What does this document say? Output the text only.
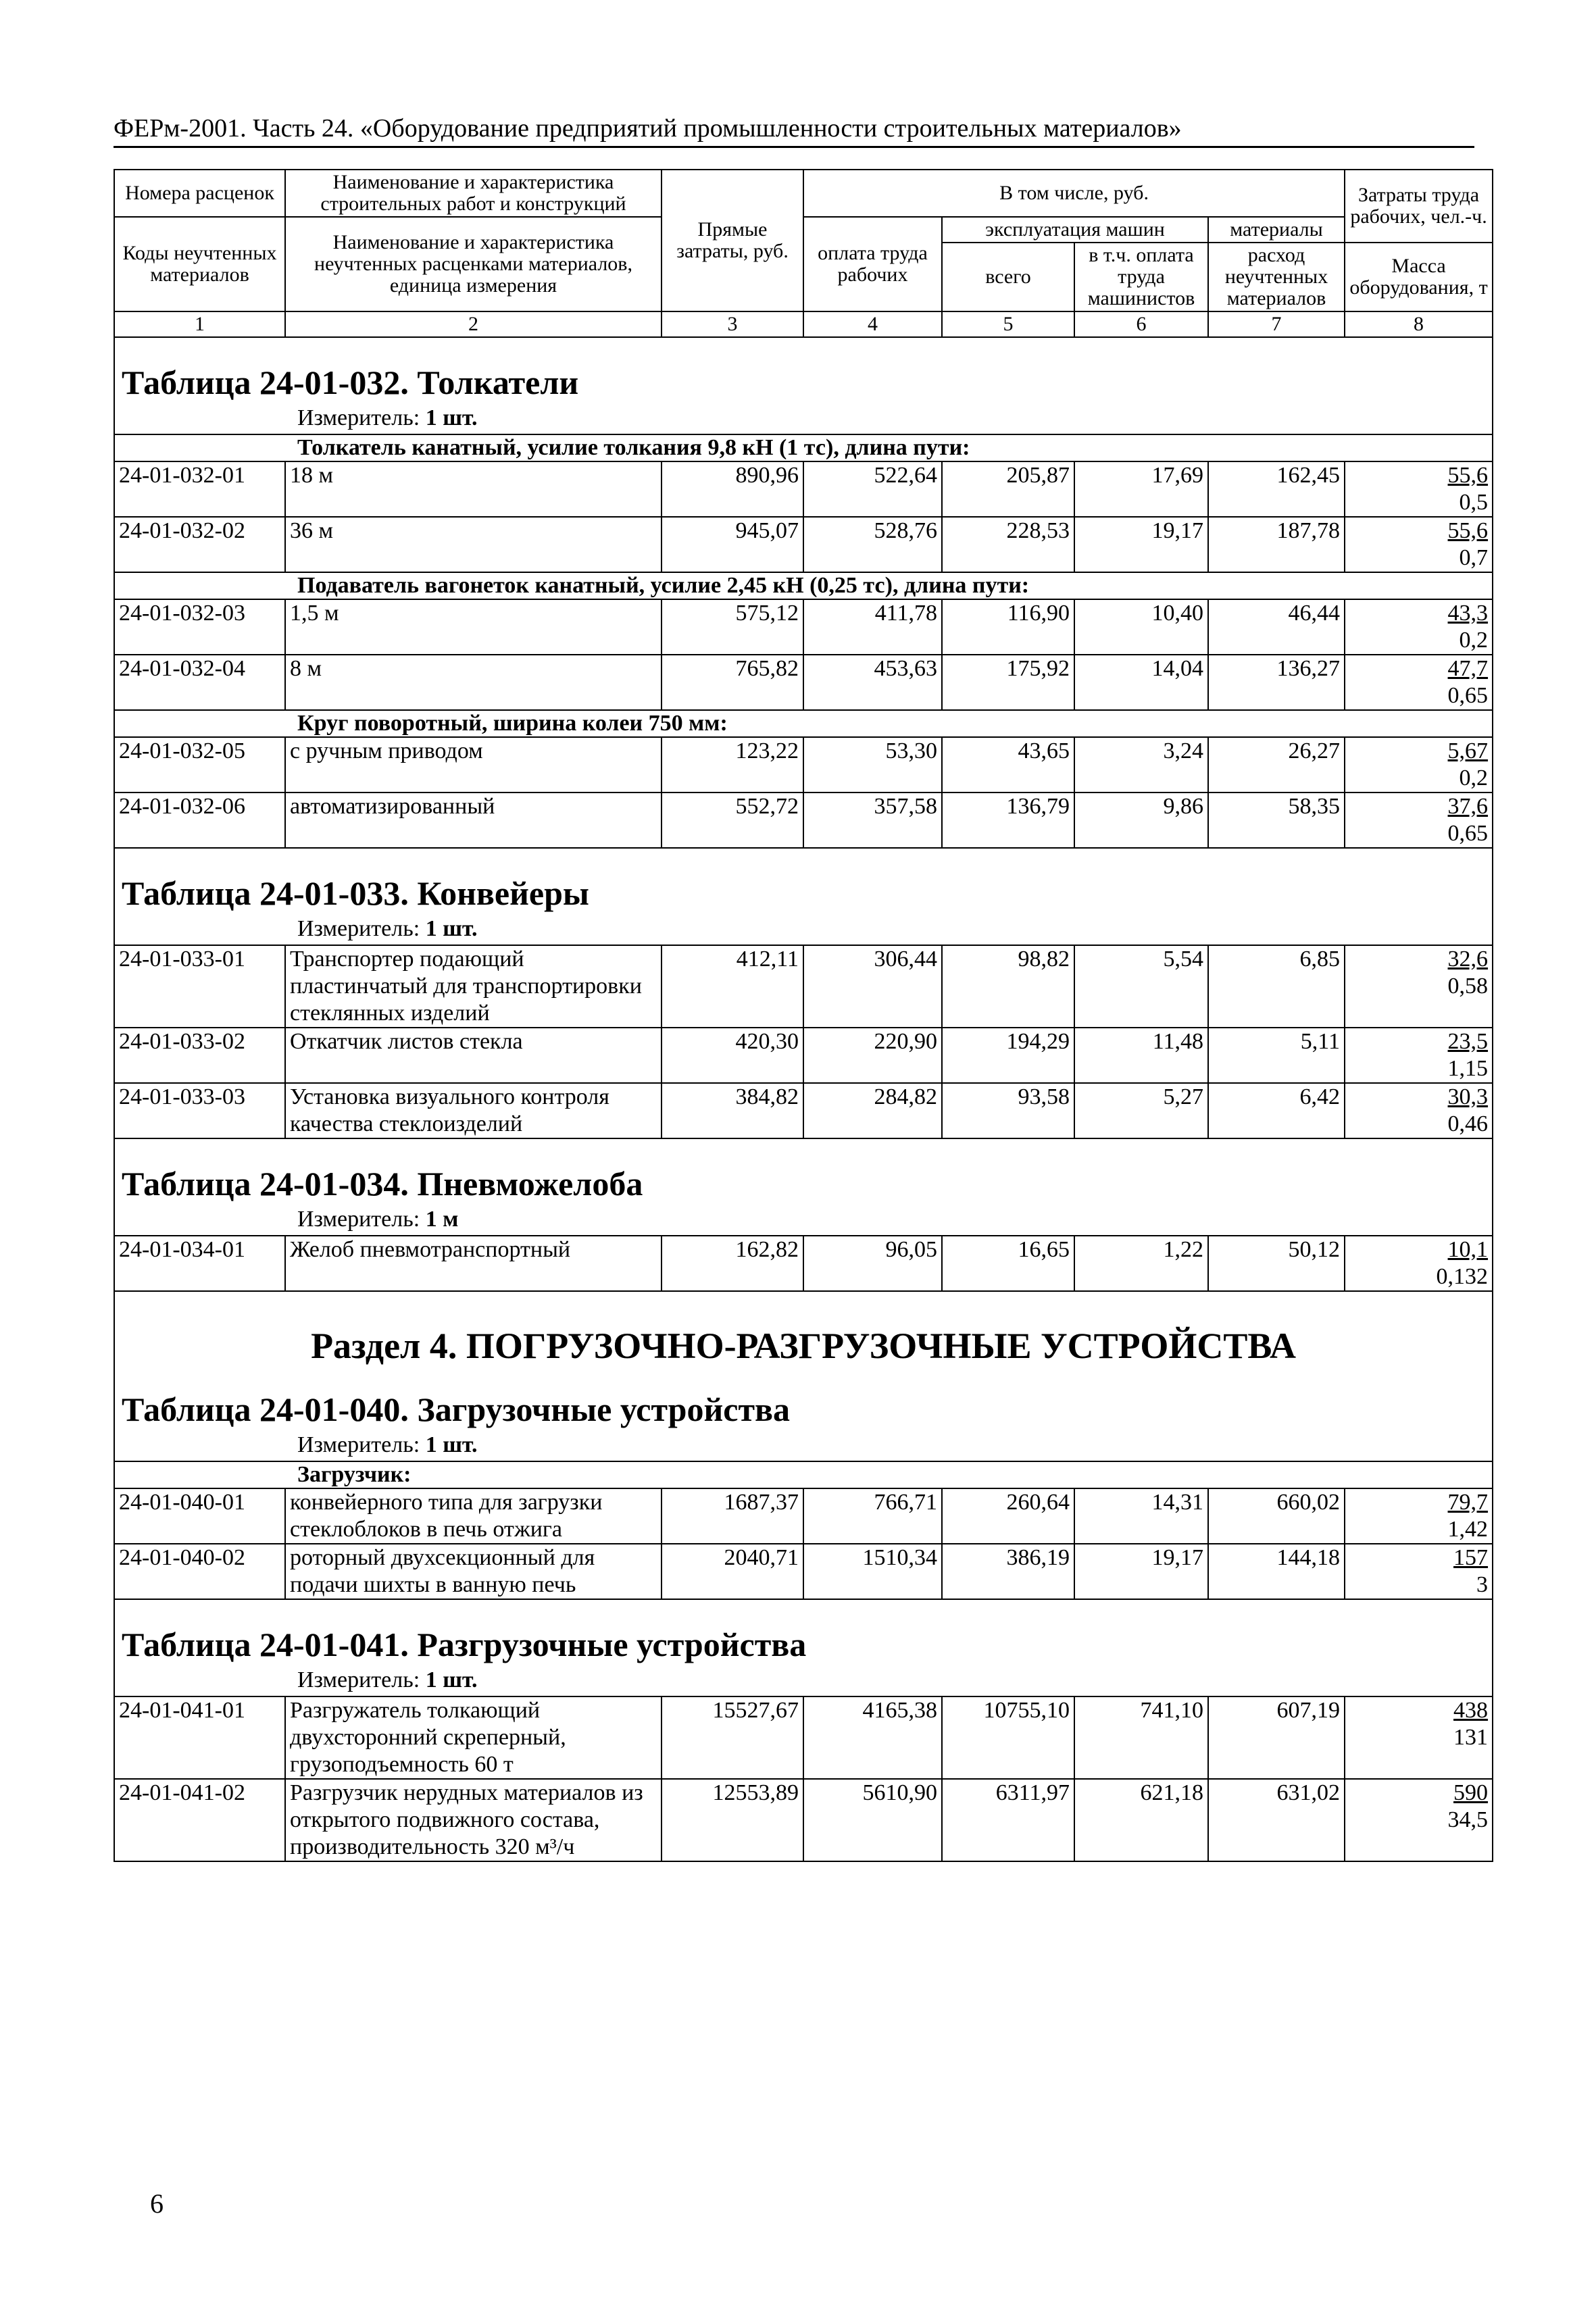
ФЕРм-2001. Часть 24. «Оборудование предприятий промышленности строительных материалов»
Номера расценок	Наименование и характеристика строительных работ и конструкций	Прямые затраты, руб.	В том числе, руб.				Затраты труда рабочих, чел.-ч.
Коды неучтенных материалов	Наименование и характеристика неучтенных расценками материалов, единица измерения		оплата труда рабочих	эксплуатация машин		материалы	
				всего	в т.ч. оплата труда машинистов	расход неучтенных материалов	Масса оборудования, т
1	2	3	4	5	6	7	8
Таблица 24-01-032. Толкатели							
Измеритель: 1 шт.							
Толкатель канатный, усилие толкания 9,8 кН (1 тс), длина пути:							
24-01-032-01	18 м	890,96	522,64	205,87	17,69	162,45	55,6
0,5

24-01-032-02	36 м	945,07	528,76	228,53	19,17	187,78	55,6
0,7

Подаватель вагонеток канатный, усилие 2,45 кН (0,25 тс), длина пути:							
24-01-032-03	1,5 м	575,12	411,78	116,90	10,40	46,44	43,3
0,2

24-01-032-04	8 м	765,82	453,63	175,92	14,04	136,27	47,7
0,65

Круг поворотный, ширина колеи 750 мм:							
24-01-032-05	с ручным приводом	123,22	53,30	43,65	3,24	26,27	5,67
0,2

24-01-032-06	автоматизированный	552,72	357,58	136,79	9,86	58,35	37,6
0,65

Таблица 24-01-033. Конвейеры							
Измеритель: 1 шт.							
24-01-033-01	Транспортер подающий пластинчатый для транспортировки стеклянных изделий	412,11	306,44	98,82	5,54	6,85	32,6
0,58

24-01-033-02	Откатчик листов стекла	420,30	220,90	194,29	11,48	5,11	23,5
1,15

24-01-033-03	Установка визуального контроля качества стеклоизделий	384,82	284,82	93,58	5,27	6,42	30,3
0,46

Таблица 24-01-034. Пневможелоба							
Измеритель: 1 м							
24-01-034-01	Желоб пневмотранспортный	162,82	96,05	16,65	1,22	50,12	10,1
0,132

Раздел 4. ПОГРУЗОЧНО-РАЗГРУЗОЧНЫЕ УСТРОЙСТВА							
Таблица 24-01-040. Загрузочные устройства							
Измеритель: 1 шт.							
Загрузчик:							
24-01-040-01	конвейерного типа для загрузки стеклоблоков в печь отжига	1687,37	766,71	260,64	14,31	660,02	79,7
1,42

24-01-040-02	роторный двухсекционный для подачи шихты в ванную печь	2040,71	1510,34	386,19	19,17	144,18	157
3

Таблица 24-01-041. Разгрузочные устройства							
Измеритель: 1 шт.							
24-01-041-01	Разгружатель толкающий двухсторонний скреперный, грузоподъемность 60 т	15527,67	4165,38	10755,10	741,10	607,19	438
131

24-01-041-02	Разгрузчик нерудных материалов из открытого подвижного состава, производительность 320 м³/ч	12553,89	5610,90	6311,97	621,18	631,02	590
34,5
6
